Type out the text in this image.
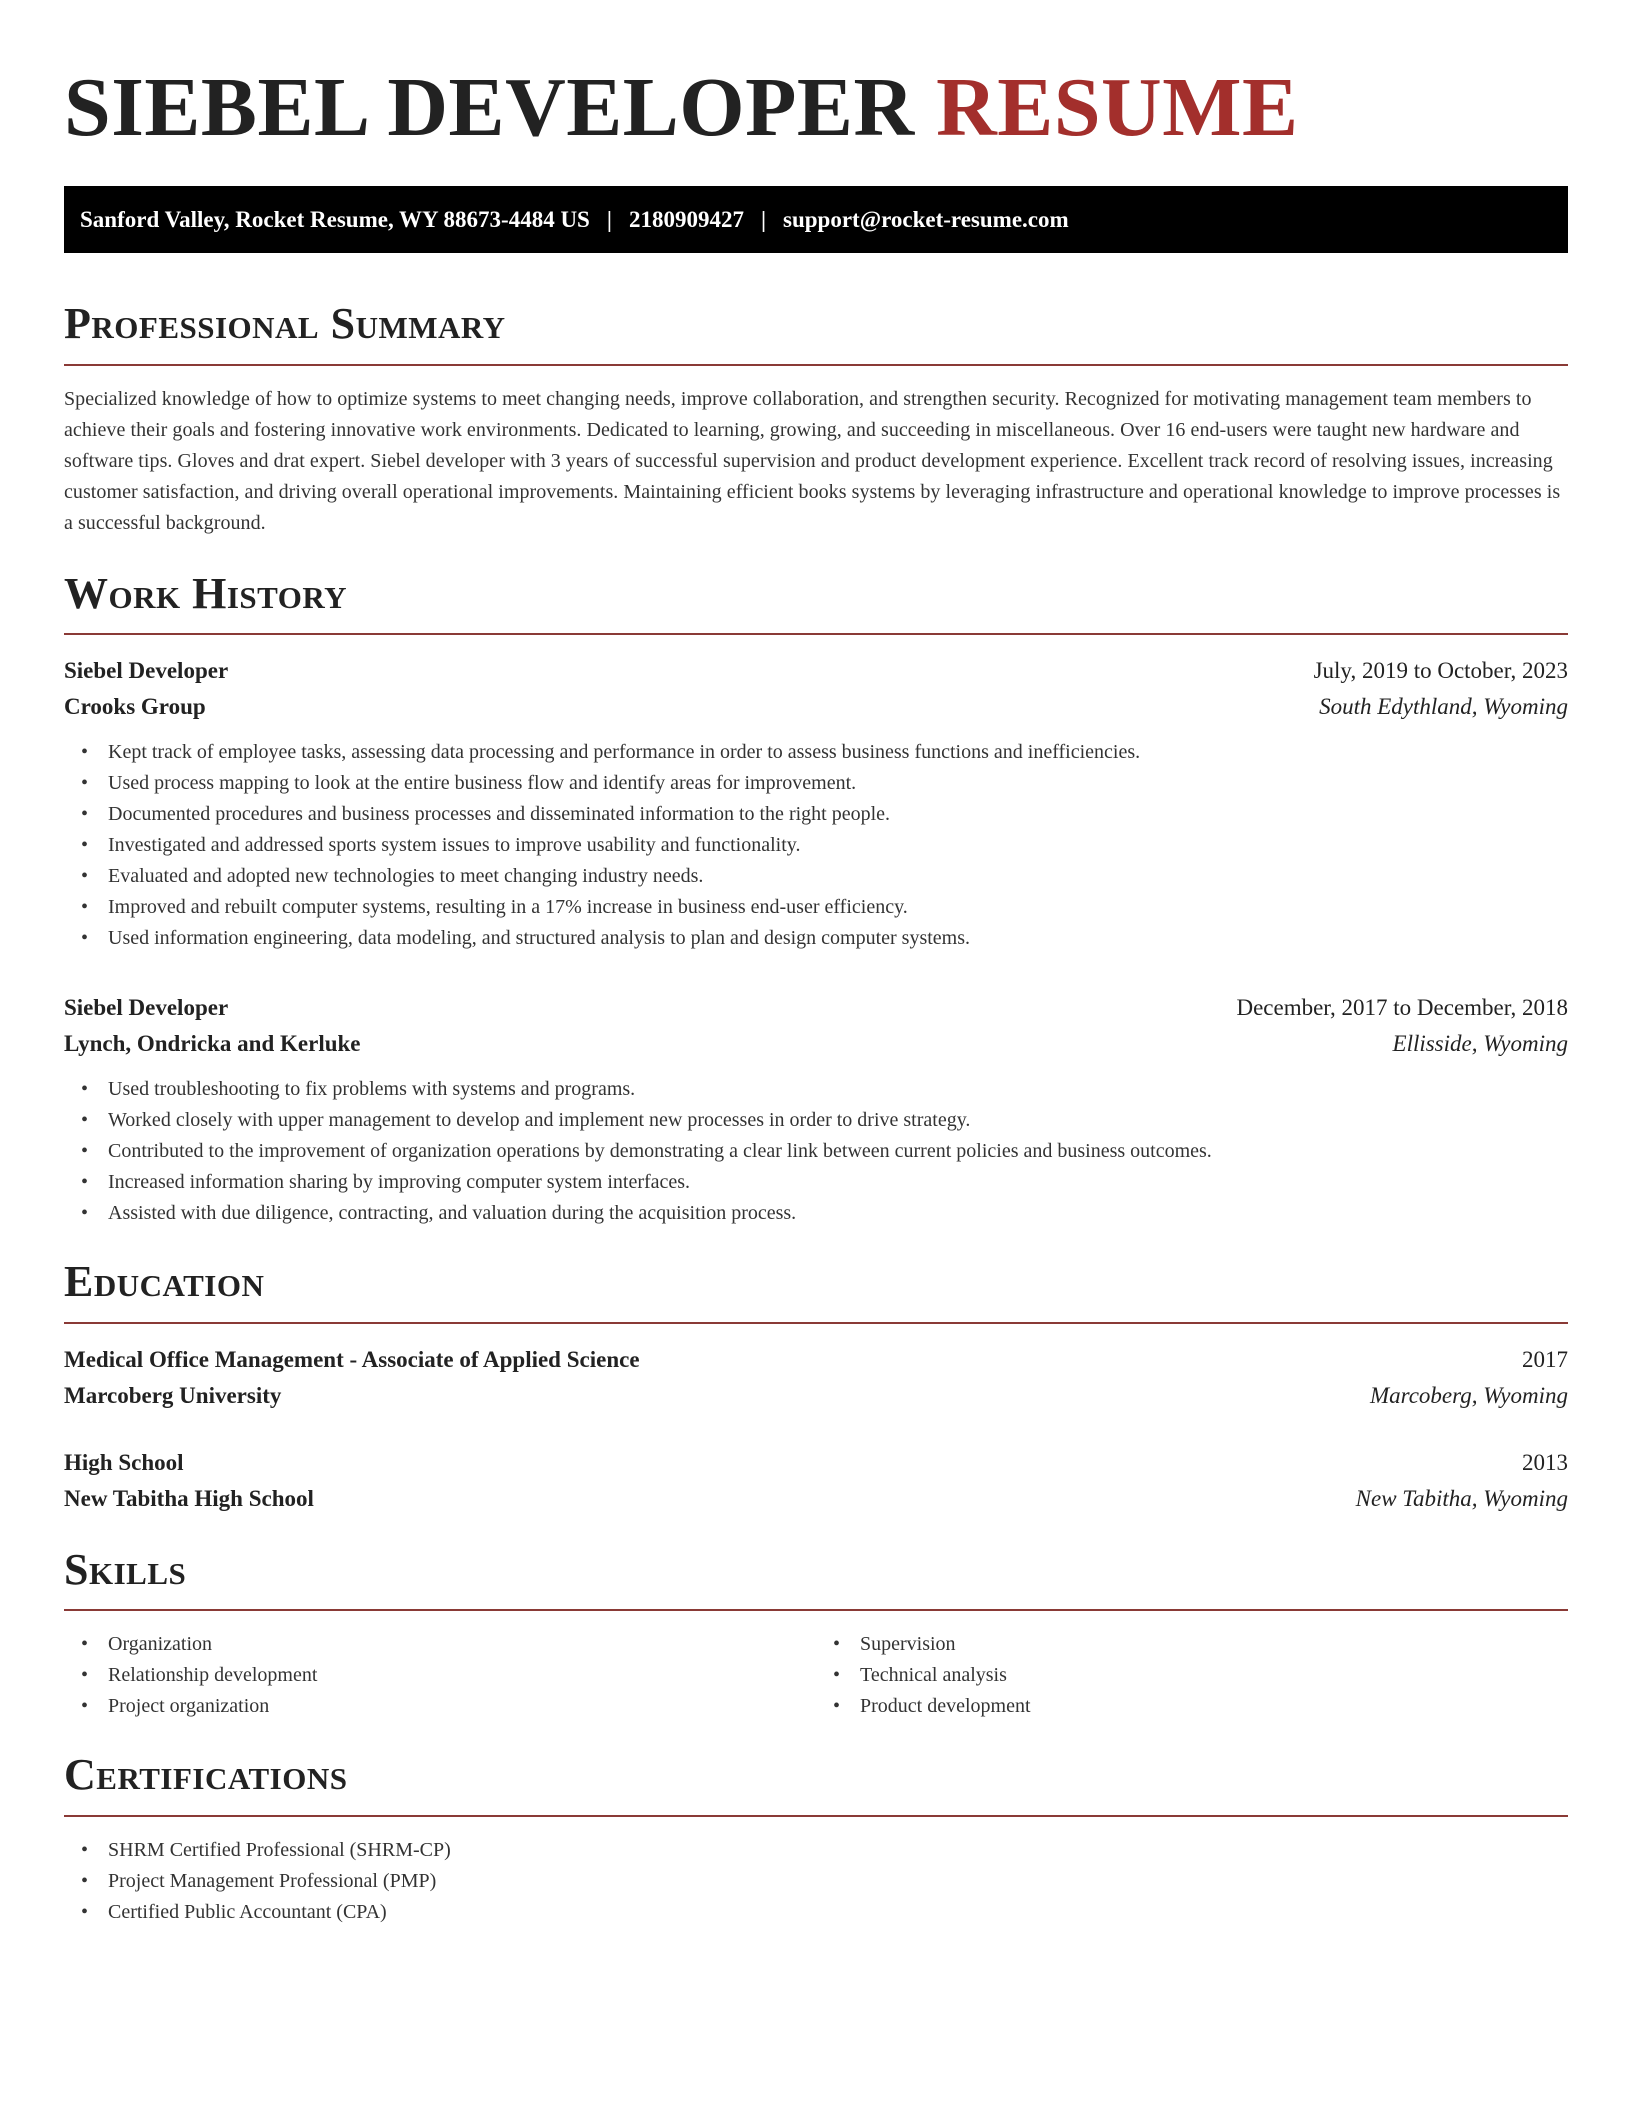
SIEBEL DEVELOPER RESUME
Sanford Valley, Rocket Resume, WY 88673-4484 US | 2180909427 | support@rocket-resume.com
Professional Summary

Specialized knowledge of how to optimize systems to meet changing needs, improve collaboration, and strengthen security. Recognized for motivating management team members to achieve their goals and fostering innovative work environments. Dedicated to learning, growing, and succeeding in miscellaneous. Over 16 end-users were taught new hardware and software tips. Gloves and drat expert. Siebel developer with 3 years of successful supervision and product development experience. Excellent track record of resolving issues, increasing customer satisfaction, and driving overall operational improvements. Maintaining efficient books systems by leveraging infrastructure and operational knowledge to improve processes is a successful background.

Work History
Siebel Developer	July, 2019 to October, 2023
Crooks Group	South Edythland, Wyoming
• Kept track of employee tasks, assessing data processing and performance in order to assess business functions and inefficiencies.
• Used process mapping to look at the entire business flow and identify areas for improvement.
• Documented procedures and business processes and disseminated information to the right people.
• Investigated and addressed sports system issues to improve usability and functionality.
• Evaluated and adopted new technologies to meet changing industry needs.
• Improved and rebuilt computer systems, resulting in a 17% increase in business end-user efficiency.
• Used information engineering, data modeling, and structured analysis to plan and design computer systems.
Siebel Developer	December, 2017 to December, 2018
Lynch, Ondricka and Kerluke	Ellisside, Wyoming
• Used troubleshooting to fix problems with systems and programs.
• Worked closely with upper management to develop and implement new processes in order to drive strategy.
• Contributed to the improvement of organization operations by demonstrating a clear link between current policies and business outcomes.
• Increased information sharing by improving computer system interfaces.
• Assisted with due diligence, contracting, and valuation during the acquisition process.
Education
Medical Office Management - Associate of Applied Science	2017
Marcoberg University	Marcoberg, Wyoming
High School	2013
New Tabitha High School	New Tabitha, Wyoming
Skills
• Organization
• Relationship development
• Project organization
• Supervision
• Technical analysis
• Product development
Certifications
• SHRM Certified Professional (SHRM-CP)
• Project Management Professional (PMP)
• Certified Public Accountant (CPA)
